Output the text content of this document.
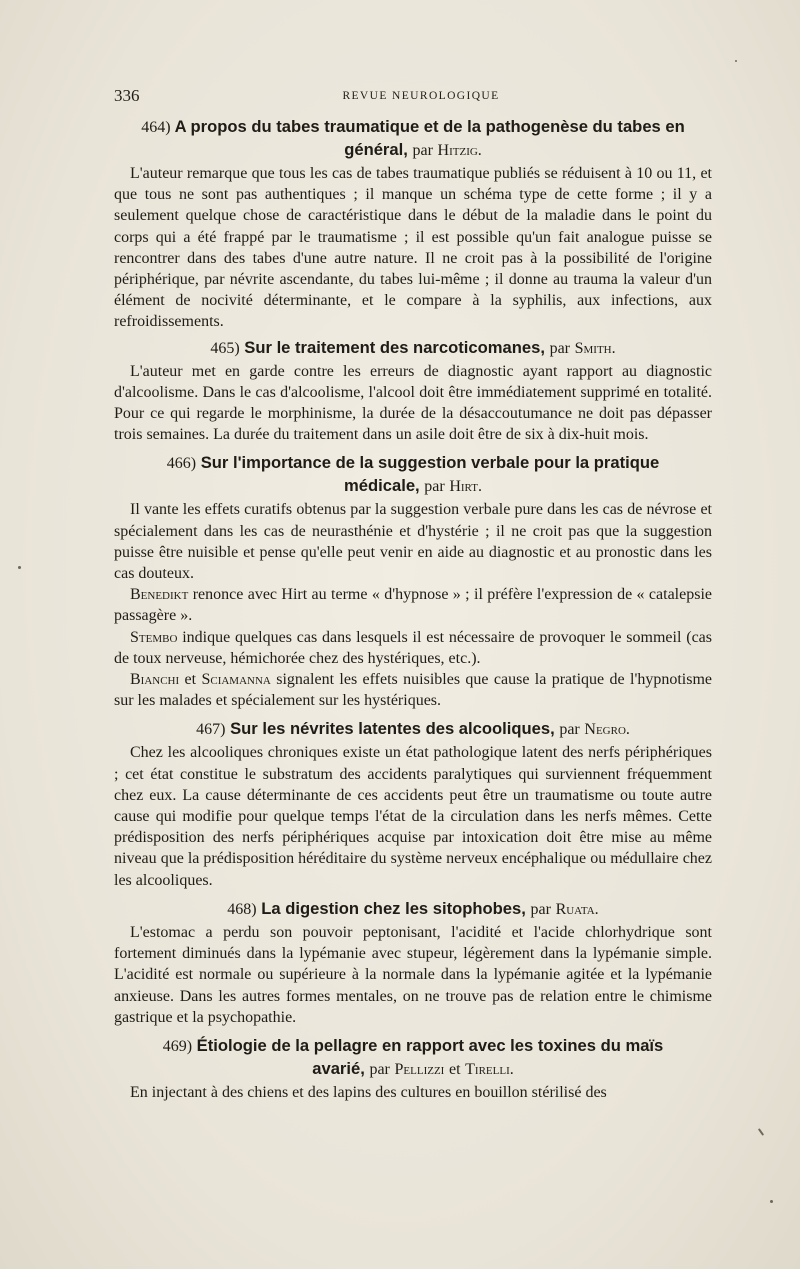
336	REVUE NEUROLOGIQUE
464) A propos du tabes traumatique et de la pathogenèse du tabes en
général, par Hitzig.

L'auteur remarque que tous les cas de tabes traumatique publiés se réduisent à 10 ou 11, et que tous ne sont pas authentiques ; il manque un schéma type de cette forme ; il y a seulement quelque chose de caractéristique dans le début de la maladie dans le point du corps qui a été frappé par le traumatisme ; il est possible qu'un fait analogue puisse se rencontrer dans des tabes d'une autre nature. Il ne croit pas à la possibilité de l'origine périphérique, par névrite ascendante, du tabes lui-même ; il donne au trauma la valeur d'un élément de nocivité déterminante, et le compare à la syphilis, aux infections, aux refroidissements.

465) Sur le traitement des narcoticomanes, par Smith.

L'auteur met en garde contre les erreurs de diagnostic ayant rapport au diagnostic d'alcoolisme. Dans le cas d'alcoolisme, l'alcool doit être immédiatement supprimé en totalité. Pour ce qui regarde le morphinisme, la durée de la désaccoutumance ne doit pas dépasser trois semaines. La durée du traitement dans un asile doit être de six à dix-huit mois.

466) Sur l'importance de la suggestion verbale pour la pratique
médicale, par Hirt.

Il vante les effets curatifs obtenus par la suggestion verbale pure dans les cas de névrose et spécialement dans les cas de neurasthénie et d'hystérie ; il ne croit pas que la suggestion puisse être nuisible et pense qu'elle peut venir en aide au diagnostic et au pronostic dans les cas douteux.

Benedikt renonce avec Hirt au terme « d'hypnose » ; il préfère l'expression de « catalepsie passagère ».

Stembo indique quelques cas dans lesquels il est nécessaire de provoquer le sommeil (cas de toux nerveuse, hémichorée chez des hystériques, etc.).

Bianchi et Sciamanna signalent les effets nuisibles que cause la pratique de l'hypnotisme sur les malades et spécialement sur les hystériques.

467) Sur les névrites latentes des alcooliques, par Negro.

Chez les alcooliques chroniques existe un état pathologique latent des nerfs périphériques ; cet état constitue le substratum des accidents paralytiques qui surviennent fréquemment chez eux. La cause déterminante de ces accidents peut être un traumatisme ou toute autre cause qui modifie pour quelque temps l'état de la circulation dans les nerfs mêmes. Cette prédisposition des nerfs périphériques acquise par intoxication doit être mise au même niveau que la prédisposition héréditaire du système nerveux encéphalique ou médullaire chez les alcooliques.

468) La digestion chez les sitophobes, par Ruata.

L'estomac a perdu son pouvoir peptonisant, l'acidité et l'acide chlorhydrique sont fortement diminués dans la lypémanie avec stupeur, légèrement dans la lypémanie simple. L'acidité est normale ou supérieure à la normale dans la lypémanie agitée et la lypémanie anxieuse. Dans les autres formes mentales, on ne trouve pas de relation entre le chimisme gastrique et la psychopathie.

469) Étiologie de la pellagre en rapport avec les toxines du maïs
avarié, par Pellizzi et Tirelli.

En injectant à des chiens et des lapins des cultures en bouillon stérilisé des
